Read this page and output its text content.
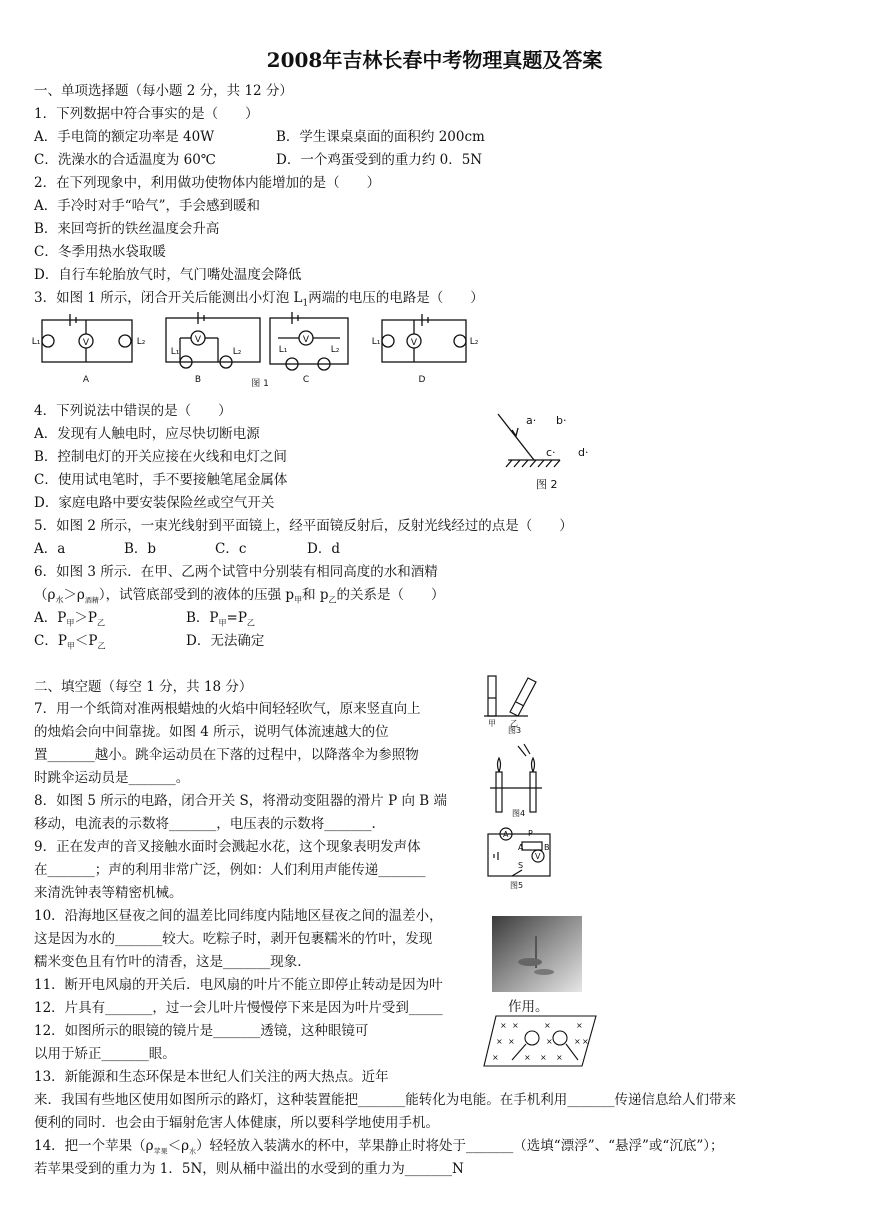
2008年吉林长春中考物理真题及答案
一、单项选择题（每小题 2 分，共 12 分）
1．下列数据中符合事实的是（　　）
A．手电筒的额定功率是 40W	B．学生课桌桌面的面积约 200cm
C．洗澡水的合适温度为 60℃	D．一个鸡蛋受到的重力约 0．5N
2．在下列现象中，利用做功使物体内能增加的是（　　）
A．手冷时对手“哈气”，手会感到暖和
B．来回弯折的铁丝温度会升高
C．冬季用热水袋取暖
D．自行车轮胎放气时，气门嘴处温度会降低
3．如图 1 所示，闭合开关后能测出小灯泡 $L_1$两端的电压的电路是（　　）
V	V	V	V
L₁	L₂
L₁	L₂	L₁	L₂
L₁	L₂
A	B	C	D
图 1
4．下列说法中错误的是（　　）
A．发现有人触电时，应尽快切断电源
B．控制电灯的开关应接在火线和电灯之间
C．使用试电笔时，手不要接触笔尾金属体
D．家庭电路中要安装保险丝或空气开关
a· b·
c· d·
图 2
5．如图 2 所示，一束光线射到平面镜上，经平面镜反射后，反射光线经过的点是（　　）
A．a	B．b	C．c	D．d
6．如图 3 所示．在甲、乙两个试管中分别装有相同高度的水和酒精
$(\rho_水>\rho_{酒精})$，试管底部受到的液体的压强 $p_甲$和 $p_乙$的关系是（　　）
A．$P_甲>P_乙$	B．$P_甲=P_乙$
C．$P_甲<P_乙$	D．无法确定
二、填空题（每空 1 分，共 18 分）
甲 乙
图3
7．用一个纸筒对准两根蜡烛的火焰中间轻轻吹气，原来竖直向上
的烛焰会向中间靠拢。如图 4 所示，说明气体流速越大的位
置_______越小。跳伞运动员在下落的过程中，以降落伞为参照物
时跳伞运动员是_______。
图4
8．如图 5 所示的电路，闭合开关 S，将滑动变阻器的滑片 P 向 B 端
移动，电流表的示数将_______，电压表的示数将_______.
A
V
P
A	B
S
图5
9．正在发声的音叉接触水面时会溅起水花，这个现象表明发声体
在_______；声的利用非常广泛，例如：人们利用声能传递_______
来清洗钟表等精密机械。
10．沿海地区昼夜之间的温差比同纬度内陆地区昼夜之间的温差小，
这是因为水的_______较大。吃粽子时，剥开包裹糯米的竹叶，发现
糯米变色且有竹叶的清香，这是_______现象.
11．断开电风扇的开关后．电风扇的叶片不能立即停止转动是因为叶
12．片具有_______，过一会儿叶片慢慢停下来是因为叶片受到_____	作用。
× ×	×	×
× ×	×	× ×
×	× × ×
12．如图所示的眼镜的镜片是_______透镜，这种眼镜可
以用于矫正_______眼。
13．新能源和生态环保是本世纪人们关注的两大热点。近年
来．我国有些地区使用如图所示的路灯，这种装置能把_______能转化为电能。在手机利用_______传递信息给人们带来
便利的同时．也会由于辐射危害人体健康，所以要科学地使用手机。
14．把一个苹果$(\rho_{苹果}<\rho_水)$轻轻放入装满水的杯中，苹果静止时将处于_______（选填“漂浮”、“悬浮”或“沉底”）；
若苹果受到的重力为 1．5N，则从桶中溢出的水受到的重力为_______N
